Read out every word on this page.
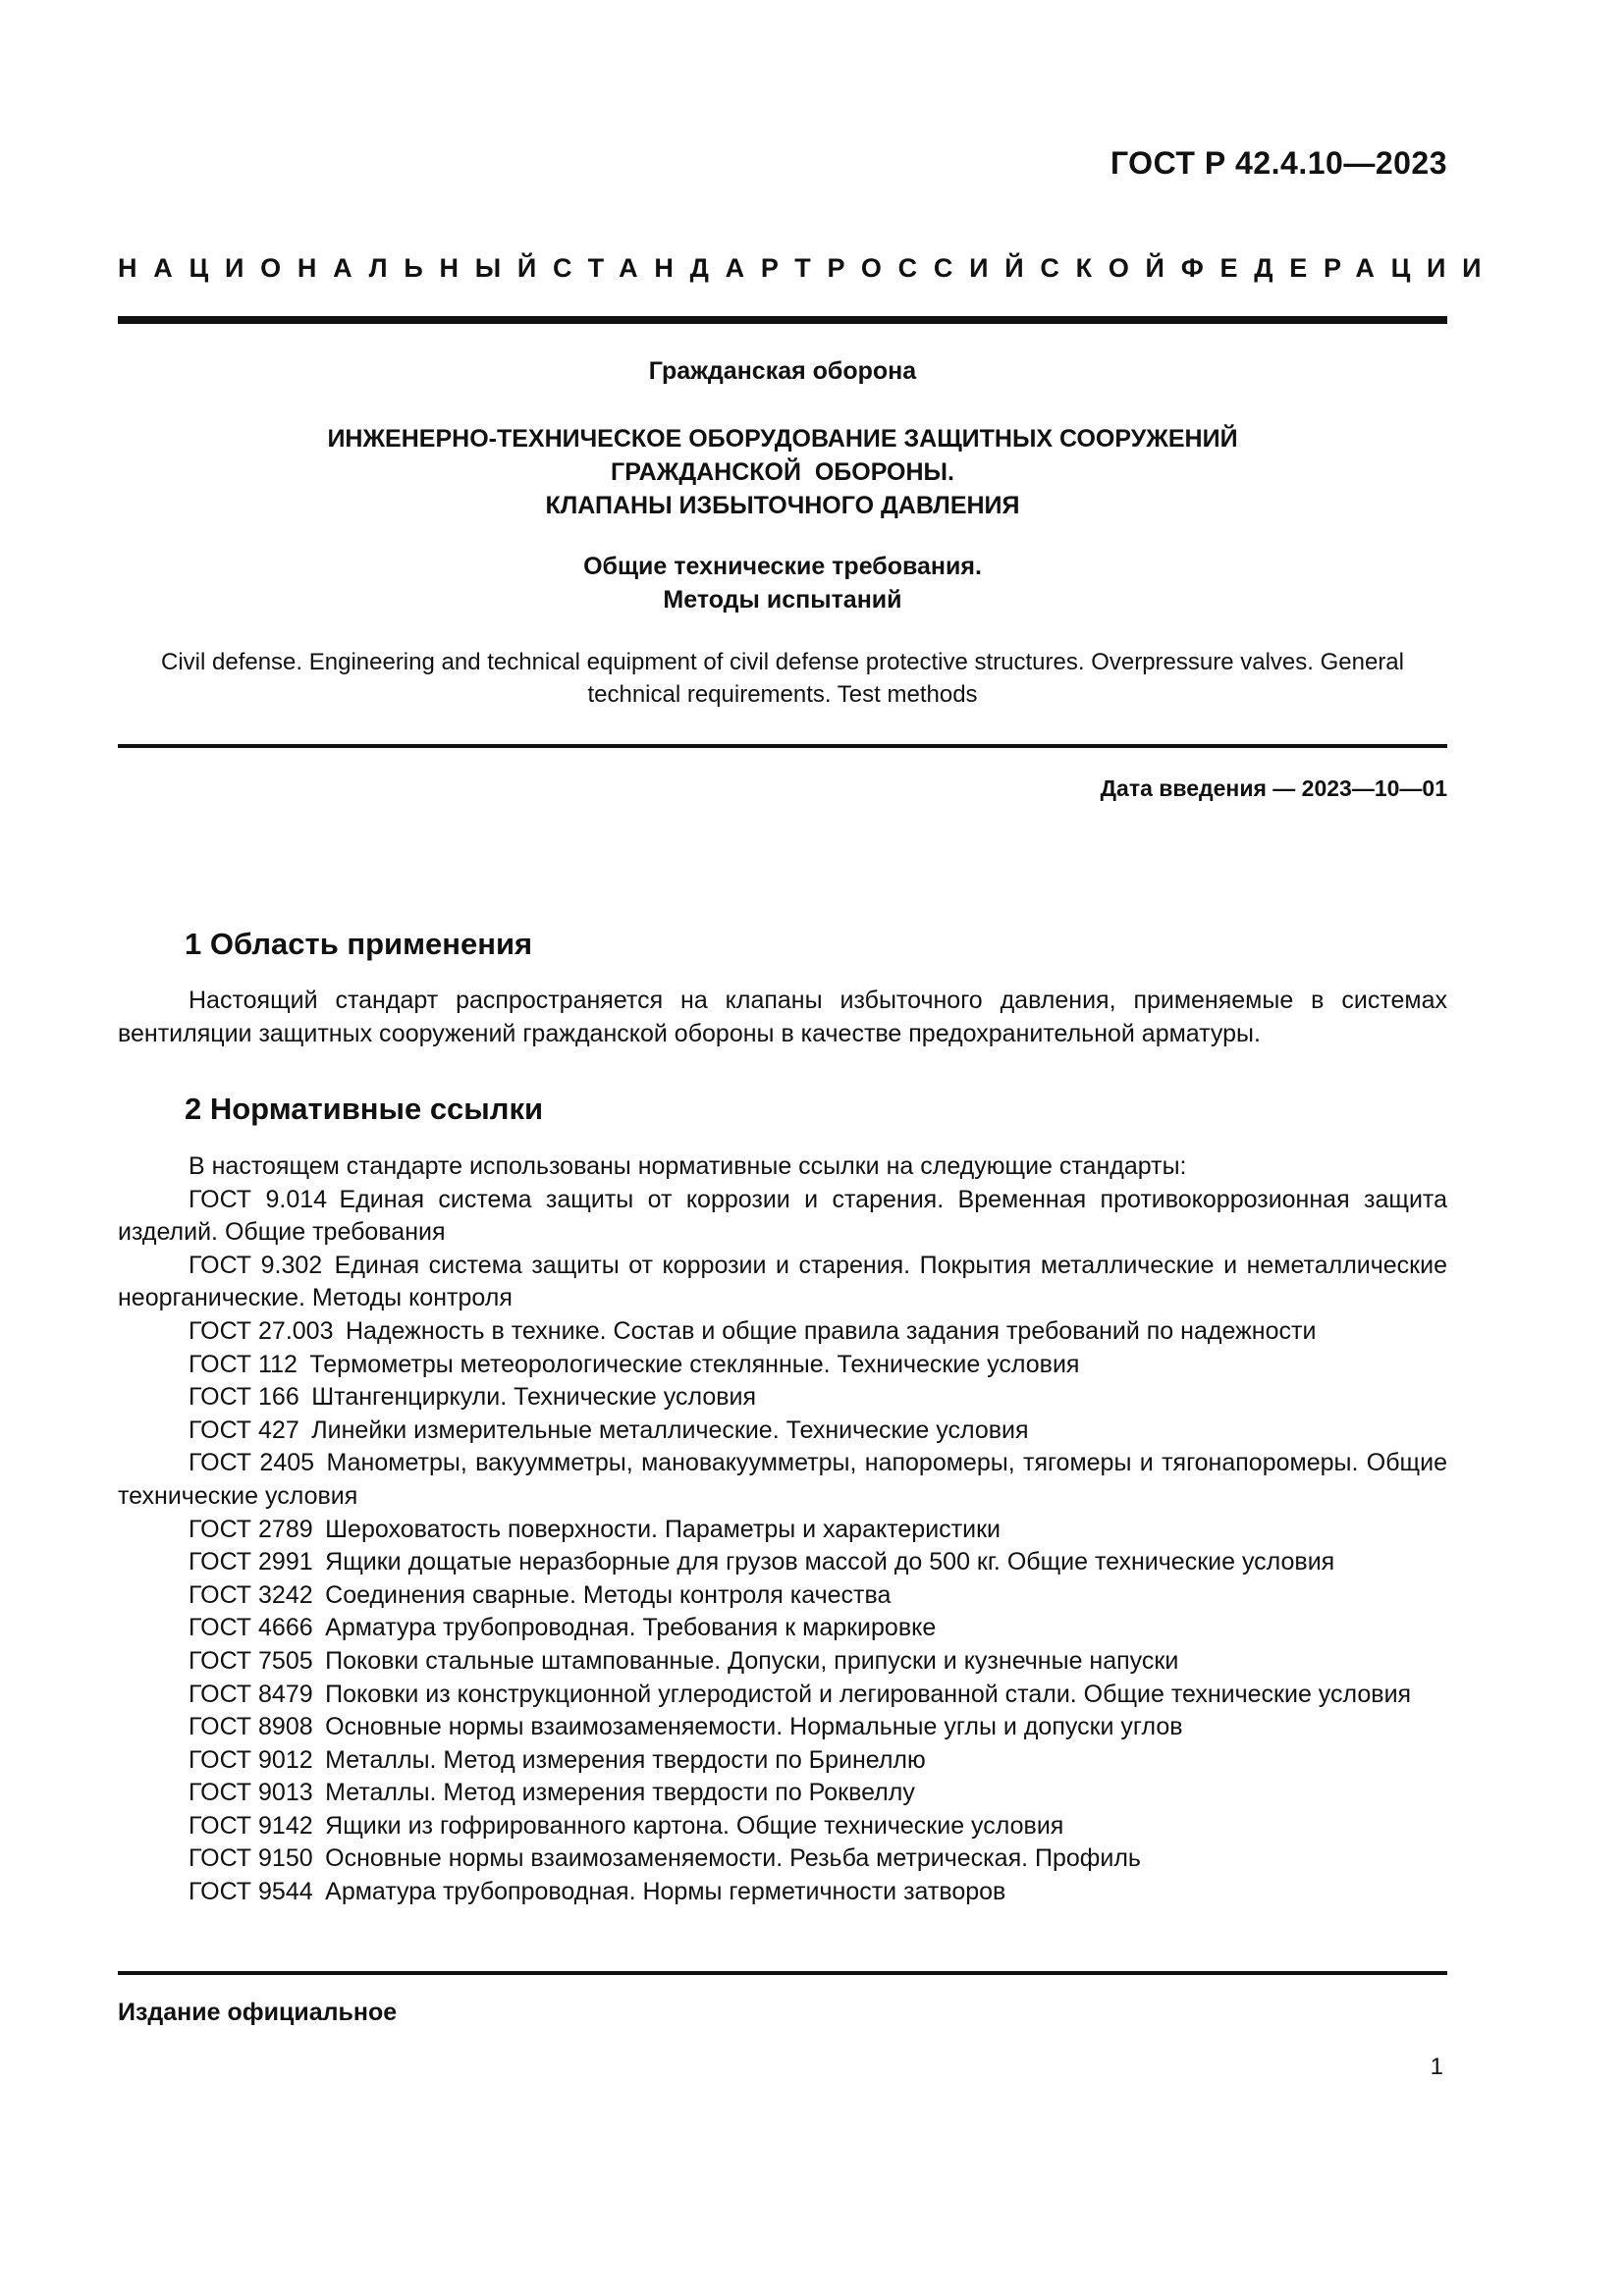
ГОСТ Р 42.4.10—2023
НАЦИОНАЛЬНЫЙ СТАНДАРТ РОССИЙСКОЙ ФЕДЕРАЦИИ
Гражданская оборона
ИНЖЕНЕРНО-ТЕХНИЧЕСКОЕ ОБОРУДОВАНИЕ ЗАЩИТНЫХ СООРУЖЕНИЙ
ГРАЖДАНСКОЙ  ОБОРОНЫ.
КЛАПАНЫ ИЗБЫТОЧНОГО ДАВЛЕНИЯ
Общие технические требования.
Методы испытаний
Civil defense. Engineering and technical equipment of civil defense protective structures. Overpressure valves. General
technical requirements. Test methods
Дата введения — 2023—10—01
1 Область применения

Настоящий стандарт распространяется на клапаны избыточного давления, применяемые в системах вентиляции защитных сооружений гражданской обороны в качестве предохранительной арматуры.

2 Нормативные ссылки

В настоящем стандарте использованы нормативные ссылки на следующие стандарты:

ГОСТ 9.014  Единая система защиты от коррозии и старения. Временная противокоррозионная защита изделий. Общие требования

ГОСТ 9.302  Единая система защиты от коррозии и старения. Покрытия металлические и неметаллические неорганические. Методы контроля

ГОСТ 27.003  Надежность в технике. Состав и общие правила задания требований по надежности

ГОСТ 112  Термометры метеорологические стеклянные. Технические условия

ГОСТ 166  Штангенциркули. Технические условия

ГОСТ 427  Линейки измерительные металлические. Технические условия

ГОСТ 2405  Манометры, вакуумметры, мановакуумметры, напоромеры, тягомеры и тягонапоромеры. Общие технические условия

ГОСТ 2789  Шероховатость поверхности. Параметры и характеристики

ГОСТ 2991  Ящики дощатые неразборные для грузов массой до 500 кг. Общие технические условия

ГОСТ 3242  Соединения сварные. Методы контроля качества

ГОСТ 4666  Арматура трубопроводная. Требования к маркировке

ГОСТ 7505  Поковки стальные штампованные. Допуски, припуски и кузнечные напуски

ГОСТ 8479  Поковки из конструкционной углеродистой и легированной стали. Общие технические условия

ГОСТ 8908  Основные нормы взаимозаменяемости. Нормальные углы и допуски углов

ГОСТ 9012  Металлы. Метод измерения твердости по Бринеллю

ГОСТ 9013  Металлы. Метод измерения твердости по Роквеллу

ГОСТ 9142  Ящики из гофрированного картона. Общие технические условия

ГОСТ 9150  Основные нормы взаимозаменяемости. Резьба метрическая. Профиль

ГОСТ 9544  Арматура трубопроводная. Нормы герметичности затворов

Издание официальное
1
